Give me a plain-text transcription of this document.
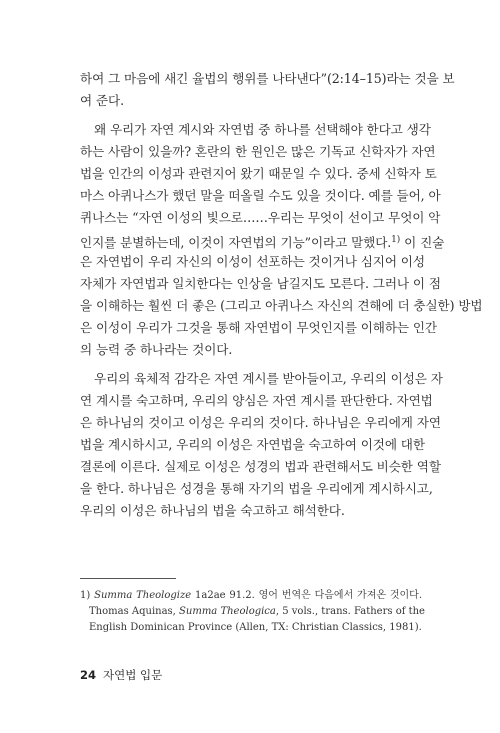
하여 그 마음에 새긴 율법의 행위를 나타낸다”(2:14–15)라는 것을 보
여 준다.
왜 우리가 자연 계시와 자연법 중 하나를 선택해야 한다고 생각
하는 사람이 있을까? 혼란의 한 원인은 많은 기독교 신학자가 자연
법을 인간의 이성과 관련지어 왔기 때문일 수 있다. 중세 신학자 토
마스 아퀴나스가 했던 말을 떠올릴 수도 있을 것이다. 예를 들어, 아
퀴나스는 “자연 이성의 빛으로……우리는 무엇이 선이고 무엇이 악
인지를 분별하는데, 이것이 자연법의 기능”이라고 말했다.$^{1)}$ 이 진술
은 자연법이 우리 자신의 이성이 선포하는 것이거나 심지어 이성
자체가 자연법과 일치한다는 인상을 남길지도 모른다. 그러나 이 점
을 이해하는 훨씬 더 좋은 (그리고 아퀴나스 자신의 견해에 더 충실한) 방법
은 이성이 우리가 그것을 통해 자연법이 무엇인지를 이해하는 인간
의 능력 중 하나라는 것이다.
우리의 육체적 감각은 자연 계시를 받아들이고, 우리의 이성은 자
연 계시를 숙고하며, 우리의 양심은 자연 계시를 판단한다. 자연법
은 하나님의 것이고 이성은 우리의 것이다. 하나님은 우리에게 자연
법을 계시하시고, 우리의 이성은 자연법을 숙고하여 이것에 대한
결론에 이른다. 실제로 이성은 성경의 법과 관련해서도 비슷한 역할
을 한다. 하나님은 성경을 통해 자기의 법을 우리에게 계시하시고,
우리의 이성은 하나님의 법을 숙고하고 해석한다.
1) Summa Theologize 1a2ae 91.2. 영어 번역은 다음에서 가져온 것이다.
Thomas Aquinas, Summa Theologica, 5 vols., trans. Fathers of the
English Dominican Province (Allen, TX: Christian Classics, 1981).
24 자연법 입문
